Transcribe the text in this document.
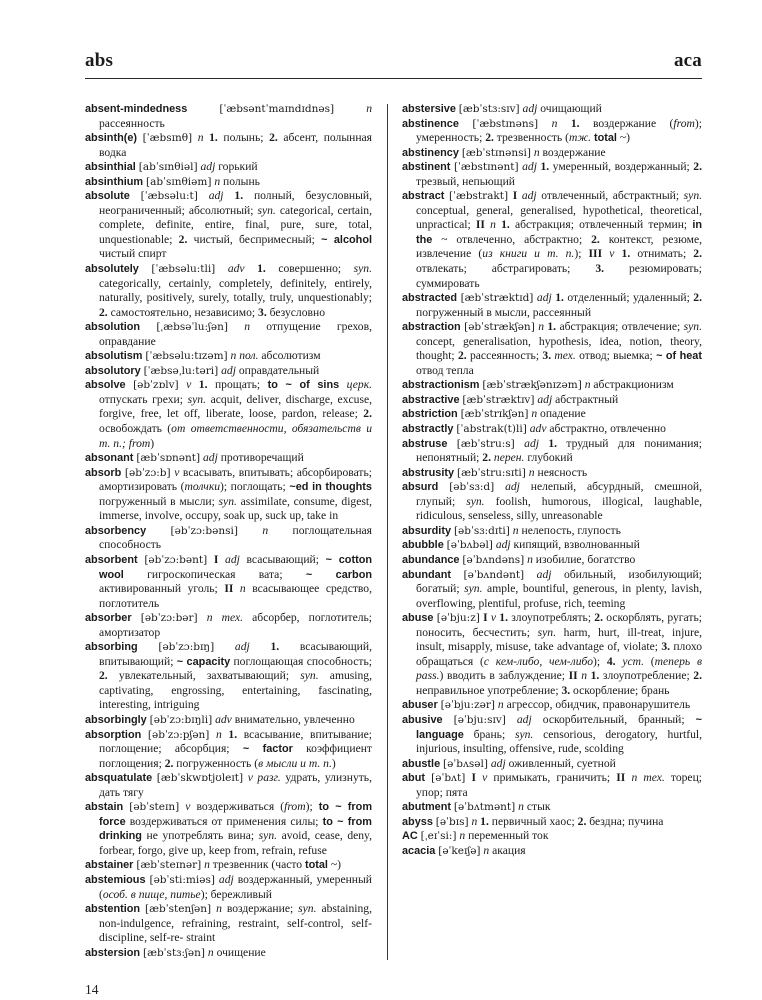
abs	aca

absent-mindedness	[ˈæbsəntˈmaɪndɪdnəs]	n рассеянность

absinth(e) [ˈæbsɪnθ] n 1. полынь; 2. абсент, полынная водка

absinthial [abˈsɪnθiəl] adj горький

absinthium [abˈsɪnθiəm] n полынь

absolute [ˈæbsəlu:t] adj 1. полный, безусловный, неограниченный; абсолютный; syn. categorical, certain, complete, definite, entire, final, pure, sure, total, unquestionable; 2. чистый, беспримесный; ~ alcohol чистый спирт

absolutely [ˈæbsəlu:tli] adv 1. совершенно; syn. categorically, certainly, completely, definitely, entirely, naturally, positively, surely, totally, truly, unquestionably; 2. самостоятельно, независимо; 3. безусловно

absolution [ˌæbsəˈlu:ʃən] n отпущение грехов, оправдание

absolutism [ˈæbsəlu:tɪzəm] n пол. абсолютизм

absolutory [ˈæbsəˌlu:təri] adj оправдательный

absolve [əbˈzɒlv] v 1. прощать; to ~ of sins церк. отпускать грехи; syn. acquit, deliver, discharge, excuse, forgive, free, let off, liberate, loose, pardon, release; 2. освобождать (от ответственности, обязательств и т. п.; from)

absonant [æbˈsɒnənt] adj противоречащий

absorb [əbˈzɔ:b] v всасывать, впитывать; абсорбировать; амортизировать (толчки); поглощать; ~ed in thoughts погруженный в мысли; syn. assimilate, consume, digest, immerse, involve, occupy, soak up, suck up, take in

absorbency [əbˈzɔ:bənsi] n поглощательная способность

absorbent [əbˈzɔ:bənt] I adj всасывающий; ~ cotton wool гигроскопическая вата; ~ carbon активированный уголь; II n всасывающее средство, поглотитель

absorber [əbˈzɔ:bər] n тех. абсорбер, поглотитель; амортизатор

absorbing [əbˈzɔ:bɪŋ] adj 1. всасывающий, впитывающий; ~ capacity поглощающая способность; 2. увлекательный, захватывающий; syn. amusing, captivating, engrossing, entertaining, fascinating, interesting, intriguing

absorbingly [əbˈzɔ:bɪŋli] adv внимательно, увлеченно

absorption [əbˈzɔ:pʃən] n 1. всасывание, впитывание; поглощение; абсорбция; ~ factor коэффициент поглощения; 2. погруженность (в мысли и т. п.)

absquatulate [æbˈskwɒtjʊleɪt] v разг. удрать, улизнуть, дать тягу

abstain [əbˈsteɪn] v воздерживаться (from); to ~ from force воздерживаться от применения силы; to ~ from drinking не употреблять вина; syn. avoid, cease, deny, forbear, forgo, give up, keep from, refrain, refuse

abstainer [æbˈsteɪnər] n трезвенник (часто total ~)

abstemious [əbˈsti:miəs] adj воздержанный, умеренный (особ. в пище, питье); бережливый

abstention [æbˈstenʃən] n воздержание; syn. abstaining, non-indulgence, refraining, restraint, self-control, self-discipline, self-re- straint

abstersion [æbˈstɜ:ʃən] n очищение

abstersive [æbˈstɜ:sɪv] adj очищающий

abstinence [ˈæbstɪnəns] n 1. воздержание (from); умеренность; 2. трезвенность (тж. total ~)

abstinency [æbˈstɪnənsi] n воздержание

abstinent [ˈæbstɪnənt] adj 1. умеренный, воздержанный; 2. трезвый, непьющий

abstract [ˈæbstrakt] I adj отвлеченный, абстрактный; syn. conceptual, general, generalised, hypothetical, theoretical, unpractical; II n 1. абстракция; отвлеченный термин; in the ~ отвлеченно, абстрактно; 2. контекст, резюме, извлечение (из книги и т. п.); III v 1. отнимать; 2. отвлекать; абстрагировать; 3. резюмировать; суммировать

abstracted [æbˈstræktɪd] adj 1. отделенный; удаленный; 2. погруженный в мысли, рассеянный

abstraction [əbˈstrækʃən] n 1. абстракция; отвлечение; syn. concept, generalisation, hypothesis, idea, notion, theory, thought; 2. рассеянность; 3. тех. отвод; выемка; ~ of heat отвод тепла

abstractionism [æbˈstrækʃənɪzəm] n абстракционизм

abstractive [æbˈstræktɪv] adj абстрактный

abstriction [æbˈstrɪkʃən] n опадение

abstractly [ˈabstrak(t)li] adv абстрактно, отвлеченно

abstruse [æbˈstru:s] adj 1. трудный для понимания; непонятный; 2. перен. глубокий

abstrusity [æbˈstru:sɪti] n неясность

absurd [əbˈsɜ:d] adj нелепый, абсурдный, смешной, глупый; syn. foolish, humorous, illogical, laughable, ridiculous, senseless, silly, unreasonable

absurdity [əbˈsɜ:dɪti] n нелепость, глупость

abubble [əˈbʌbəl] adj кипящий, взволнованный

abundance [əˈbʌndəns] n изобилие, богатство

abundant [əˈbʌndənt] adj обильный, изобилующий; богатый; syn. ample, bountiful, generous, in plenty, lavish, overflowing, plentiful, profuse, rich, teeming

abuse [əˈbju:z] I v 1. злоупотреблять; 2. оскорблять, ругать; поносить, бесчестить; syn. harm, hurt, ill-treat, injure, insult, misapply, misuse, take advantage of, violate; 3. плохо обращаться (с кем-либо, чем-либо); 4. уст. (теперь в pass.) вводить в заблуждение; II n 1. злоупотребление; 2. неправильное употребление; 3. оскорбление; брань

abuser [əˈbju:zər] n агрессор, обидчик, правонарушитель

abusive [əˈbju:sɪv] adj оскорбительный, бранный; ~ language брань; syn. censorious, derogatory, hurtful, injurious, insulting, offensive, rude, scolding

abustle [əˈbʌsəl] adj оживленный, суетной

abut [əˈbʌt] I v примыкать, граничить; II n тех. торец; упор; пята

abutment [əˈbʌtmənt] n стык

abyss [əˈbɪs] n 1. первичный хаос; 2. бездна; пучина

AC [ˌeɪˈsi:] n переменный ток

acacia [əˈkeɪʃə] n акация

14
